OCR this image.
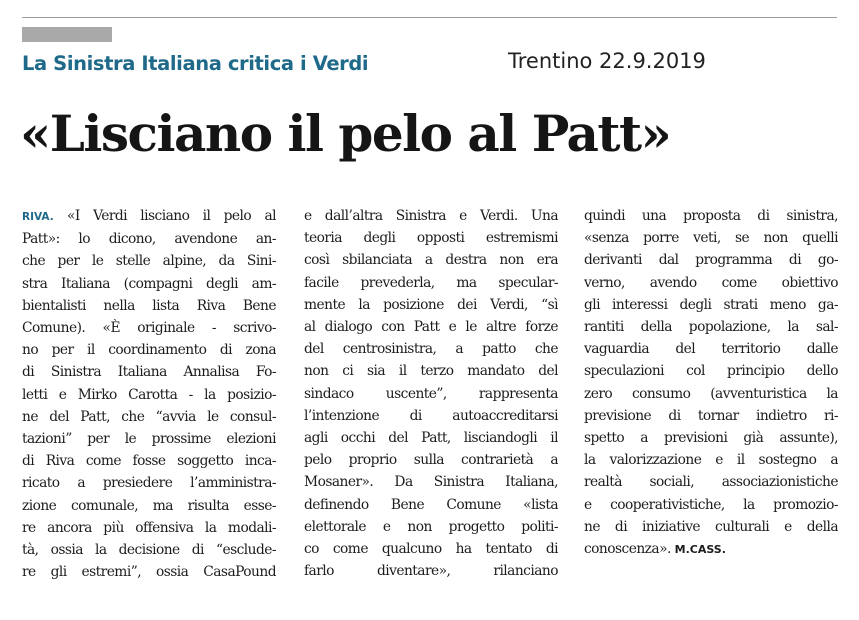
La Sinistra Italiana critica i Verdi	Trentino 22.9.2019
«Lisciano il pelo al Patt»
RIVA. «I Verdi lisciano il pelo al
Patt»: lo dicono, avendone an-
che per le stelle alpine, da Sini-
stra Italiana (compagni degli am-
bientalisti nella lista Riva Bene
Comune). «È originale - scrivo-
no per il coordinamento di zona
di Sinistra Italiana Annalisa Fo-
letti e Mirko Carotta - la posizio-
ne del Patt, che “avvia le consul-
tazioni” per le prossime elezioni
di Riva come fosse soggetto inca-
ricato a presiedere l’amministra-
zione comunale, ma risulta esse-
re ancora più offensiva la modali-
tà, ossia la decisione di “esclude-
re gli estremi”, ossia CasaPound
e dall’altra Sinistra e Verdi. Una
teoria degli opposti estremismi
così sbilanciata a destra non era
facile prevederla, ma specular-
mente la posizione dei Verdi, “sì
al dialogo con Patt e le altre forze
del centrosinistra, a patto che
non ci sia il terzo mandato del
sindaco uscente”, rappresenta
l’intenzione di autoaccreditarsi
agli occhi del Patt, lisciandogli il
pelo proprio sulla contrarietà a
Mosaner». Da Sinistra Italiana,
definendo Bene Comune «lista
elettorale e non progetto politi-
co come qualcuno ha tentato di
farlo diventare», rilanciano
quindi una proposta di sinistra,
«senza porre veti, se non quelli
derivanti dal programma di go-
verno, avendo come obiettivo
gli interessi degli strati meno ga-
rantiti della popolazione, la sal-
vaguardia del territorio dalle
speculazioni col principio dello
zero consumo (avventuristica la
previsione di tornar indietro ri-
spetto a previsioni già assunte),
la valorizzazione e il sostegno a
realtà sociali, associazionistiche
e cooperativistiche, la promozio-
ne di iniziative culturali e della
conoscenza». M.CASS.
